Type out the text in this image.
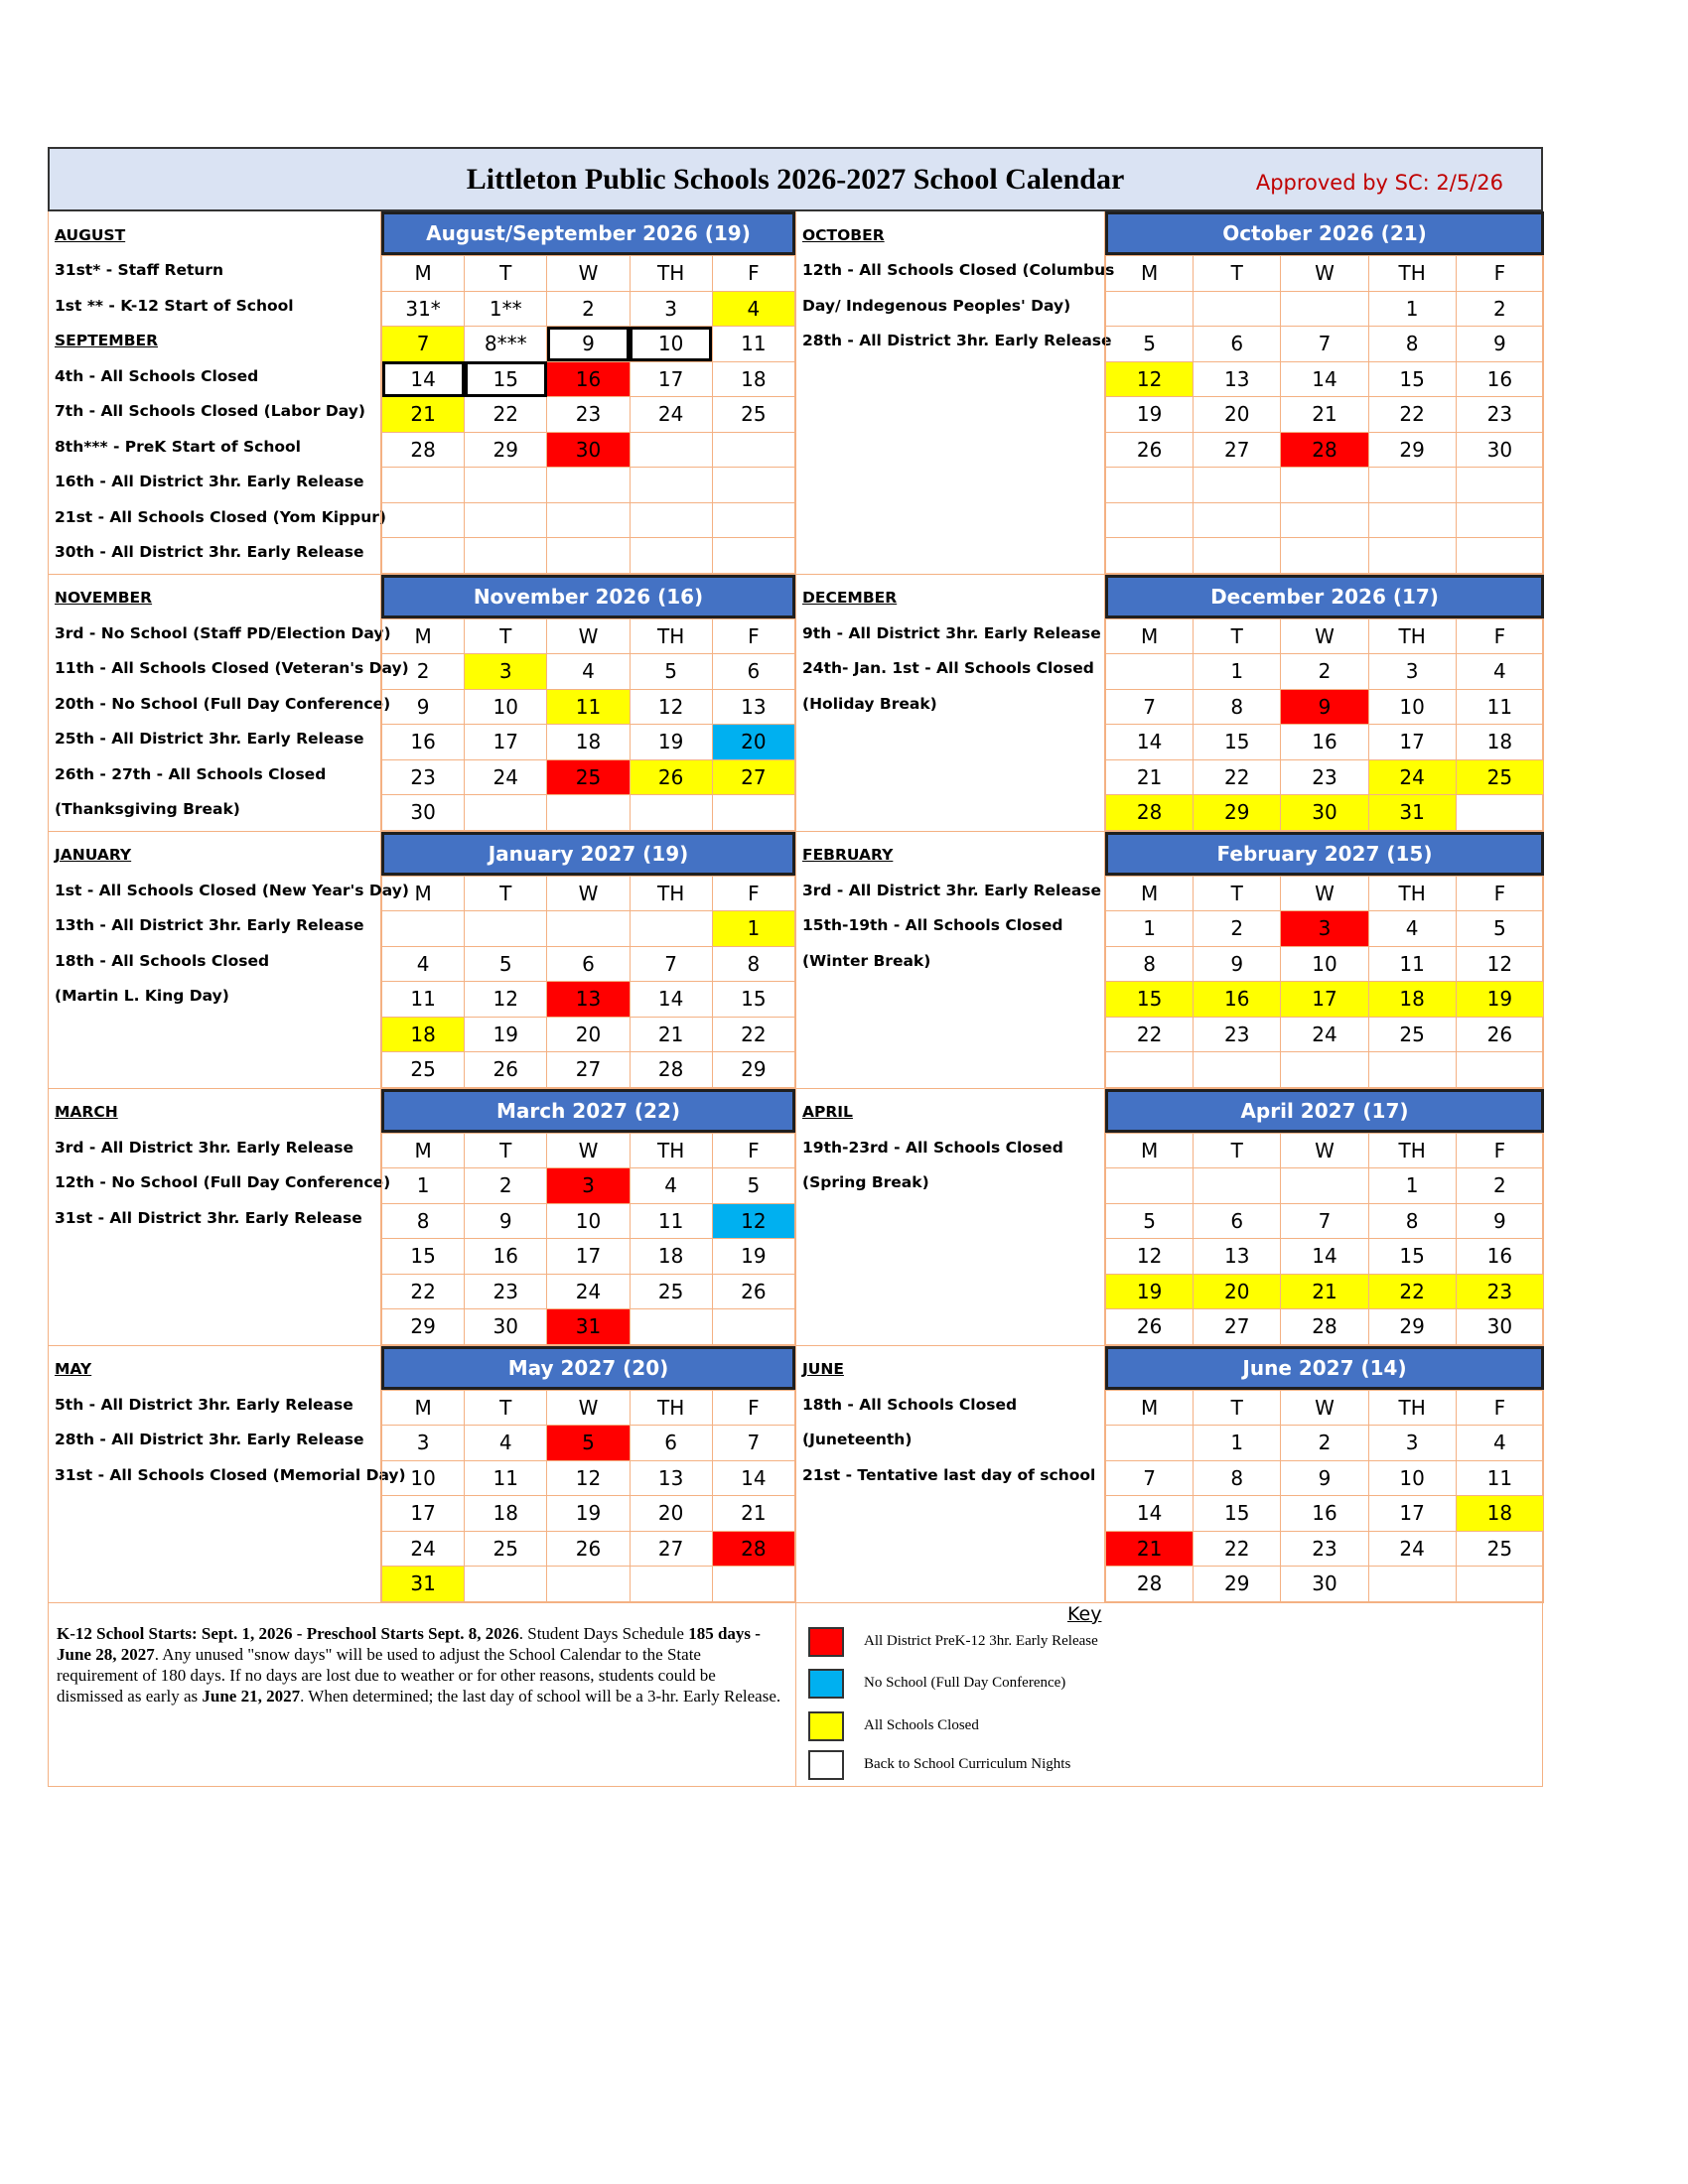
Littleton Public Schools 2026-2027 School Calendar	Approved by SC: 2/5/26
AUGUST
31st* - Staff Return
1st ** - K-12 Start of School
SEPTEMBER
4th - All Schools Closed
7th - All Schools Closed (Labor Day)
8th*** - PreK Start of School
16th - All District 3hr. Early Release
21st - All Schools Closed (Yom Kippur)
30th - All District 3hr. Early Release
August/September 2026 (19)
M	T	W	TH	F
31*	1**	2	3	4
7	8***	9	10	11
14	15	16	17	18
21	22	23	24	25
28	29	30		

OCTOBER
12th - All Schools Closed (Columbus
Day/ Indegenous Peoples' Day)
28th - All District 3hr. Early Release
October 2026 (21)
M	T	W	TH	F
			1	2
5	6	7	8	9
12	13	14	15	16
19	20	21	22	23
26	27	28	29	30

NOVEMBER
3rd - No School (Staff PD/Election Day)
11th - All Schools Closed (Veteran's Day)
20th - No School (Full Day Conference)
25th - All District 3hr. Early Release
26th - 27th - All Schools Closed
(Thanksgiving Break)
November 2026 (16)
M	T	W	TH	F
2	3	4	5	6
9	10	11	12	13
16	17	18	19	20
23	24	25	26	27
30				
DECEMBER
9th - All District 3hr. Early Release
24th- Jan. 1st - All Schools Closed
(Holiday Break)
December 2026 (17)
M	T	W	TH	F
	1	2	3	4
7	8	9	10	11
14	15	16	17	18
21	22	23	24	25
28	29	30	31	
JANUARY
1st - All Schools Closed (New Year's Day)
13th - All District 3hr. Early Release
18th - All Schools Closed
(Martin L. King Day)
January 2027 (19)
M	T	W	TH	F
				1
4	5	6	7	8
11	12	13	14	15
18	19	20	21	22
25	26	27	28	29
FEBRUARY
3rd - All District 3hr. Early Release
15th-19th - All Schools Closed
(Winter Break)
February 2027 (15)
M	T	W	TH	F
1	2	3	4	5
8	9	10	11	12
15	16	17	18	19
22	23	24	25	26

MARCH
3rd - All District 3hr. Early Release
12th - No School (Full Day Conference)
31st - All District 3hr. Early Release
March 2027 (22)
M	T	W	TH	F
1	2	3	4	5
8	9	10	11	12
15	16	17	18	19
22	23	24	25	26
29	30	31		
APRIL
19th-23rd - All Schools Closed
(Spring Break)
April 2027 (17)
M	T	W	TH	F
			1	2
5	6	7	8	9
12	13	14	15	16
19	20	21	22	23
26	27	28	29	30
MAY
5th - All District 3hr. Early Release
28th - All District 3hr. Early Release
31st - All Schools Closed (Memorial Day)
May 2027 (20)
M	T	W	TH	F
3	4	5	6	7
10	11	12	13	14
17	18	19	20	21
24	25	26	27	28
31				
JUNE
18th - All Schools Closed
(Juneteenth)
21st - Tentative last day of school
June 2027 (14)
M	T	W	TH	F
	1	2	3	4
7	8	9	10	11
14	15	16	17	18
21	22	23	24	25
28	29	30		
K-12 School Starts: Sept. 1, 2026 - Preschool Starts Sept. 8, 2026. Student Days Schedule 185 days - June 28, 2027. Any unused "snow days" will be used to adjust the School Calendar to the State requirement of 180 days. If no days are lost due to weather or for other reasons, students could be dismissed as early as June 21, 2027. When determined; the last day of school will be a 3-hr. Early Release.
Key
All District PreK-12 3hr. Early Release
No School (Full Day Conference)
All Schools Closed
Back to School Curriculum Nights
